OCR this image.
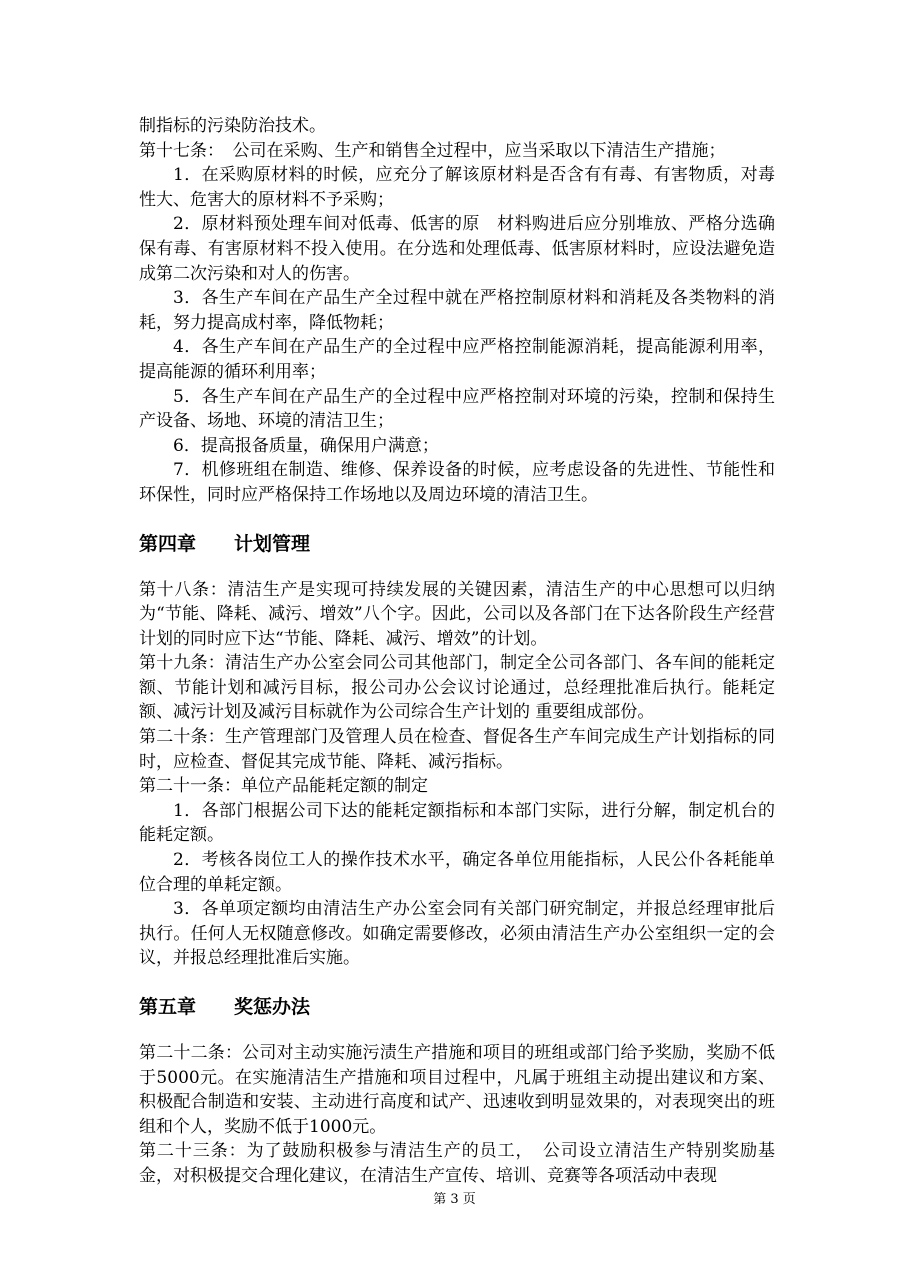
制指标的污染防治技术。

第十七条：　公司在采购、生产和销售全过程中，应当采取以下清洁生产措施；

1．在采购原材料的时候，应充分了解该原材料是否含有有毒、有害物质，对毒性大、危害大的原材料不予采购；

2．原材料预处理车间对低毒、低害的原　材料购进后应分别堆放、严格分选确保有毒、有害原材料不投入使用。在分选和处理低毒、低害原材料时，应设法避免造成第二次污染和对人的伤害。

3．各生产车间在产品生产全过程中就在严格控制原材料和消耗及各类物料的消耗，努力提高成村率，降低物耗；

4．各生产车间在产品生产的全过程中应严格控制能源消耗，提高能源利用率，提高能源的循环利用率；

5．各生产车间在产品生产的全过程中应严格控制对环境的污染，控制和保持生产设备、场地、环境的清洁卫生；

6．提高报备质量，确保用户满意；

7．机修班组在制造、维修、保养设备的时候，应考虑设备的先进性、节能性和环保性，同时应严格保持工作场地以及周边环境的清洁卫生。

第四章　　计划管理

第十八条：清洁生产是实现可持续发展的关键因素，清洁生产的中心思想可以归纳为“节能、降耗、减污、增效”八个字。因此，公司以及各部门在下达各阶段生产经营计划的同时应下达“节能、降耗、减污、增效”的计划。

第十九条：清洁生产办公室会同公司其他部门，制定全公司各部门、各车间的能耗定额、节能计划和减污目标，报公司办公会议讨论通过，总经理批准后执行。能耗定额、减污计划及减污目标就作为公司综合生产计划的 重要组成部份。

第二十条：生产管理部门及管理人员在检查、督促各生产车间完成生产计划指标的同时，应检查、督促其完成节能、降耗、减污指标。

第二十一条：单位产品能耗定额的制定

1．各部门根据公司下达的能耗定额指标和本部门实际，进行分解，制定机台的能耗定额。

2．考核各岗位工人的操作技术水平，确定各单位用能指标，人民公仆各耗能单位合理的单耗定额。

3．各单项定额均由清洁生产办公室会同有关部门研究制定，并报总经理审批后执行。任何人无权随意修改。如确定需要修改，必须由清洁生产办公室组织一定的会议，并报总经理批准后实施。

第五章　　奖惩办法

第二十二条：公司对主动实施污渍生产措施和项目的班组或部门给予奖励，奖励不低于5000元。在实施清洁生产措施和项目过程中，凡属于班组主动提出建议和方案、积极配合制造和安装、主动进行高度和试产、迅速收到明显效果的，对表现突出的班组和个人，奖励不低于1000元。

第二十三条：为了鼓励积极参与清洁生产的员工，　公司设立清洁生产特别奖励基金，对积极提交合理化建议，在清洁生产宣传、培训、竞赛等各项活动中表现

第 3 页
